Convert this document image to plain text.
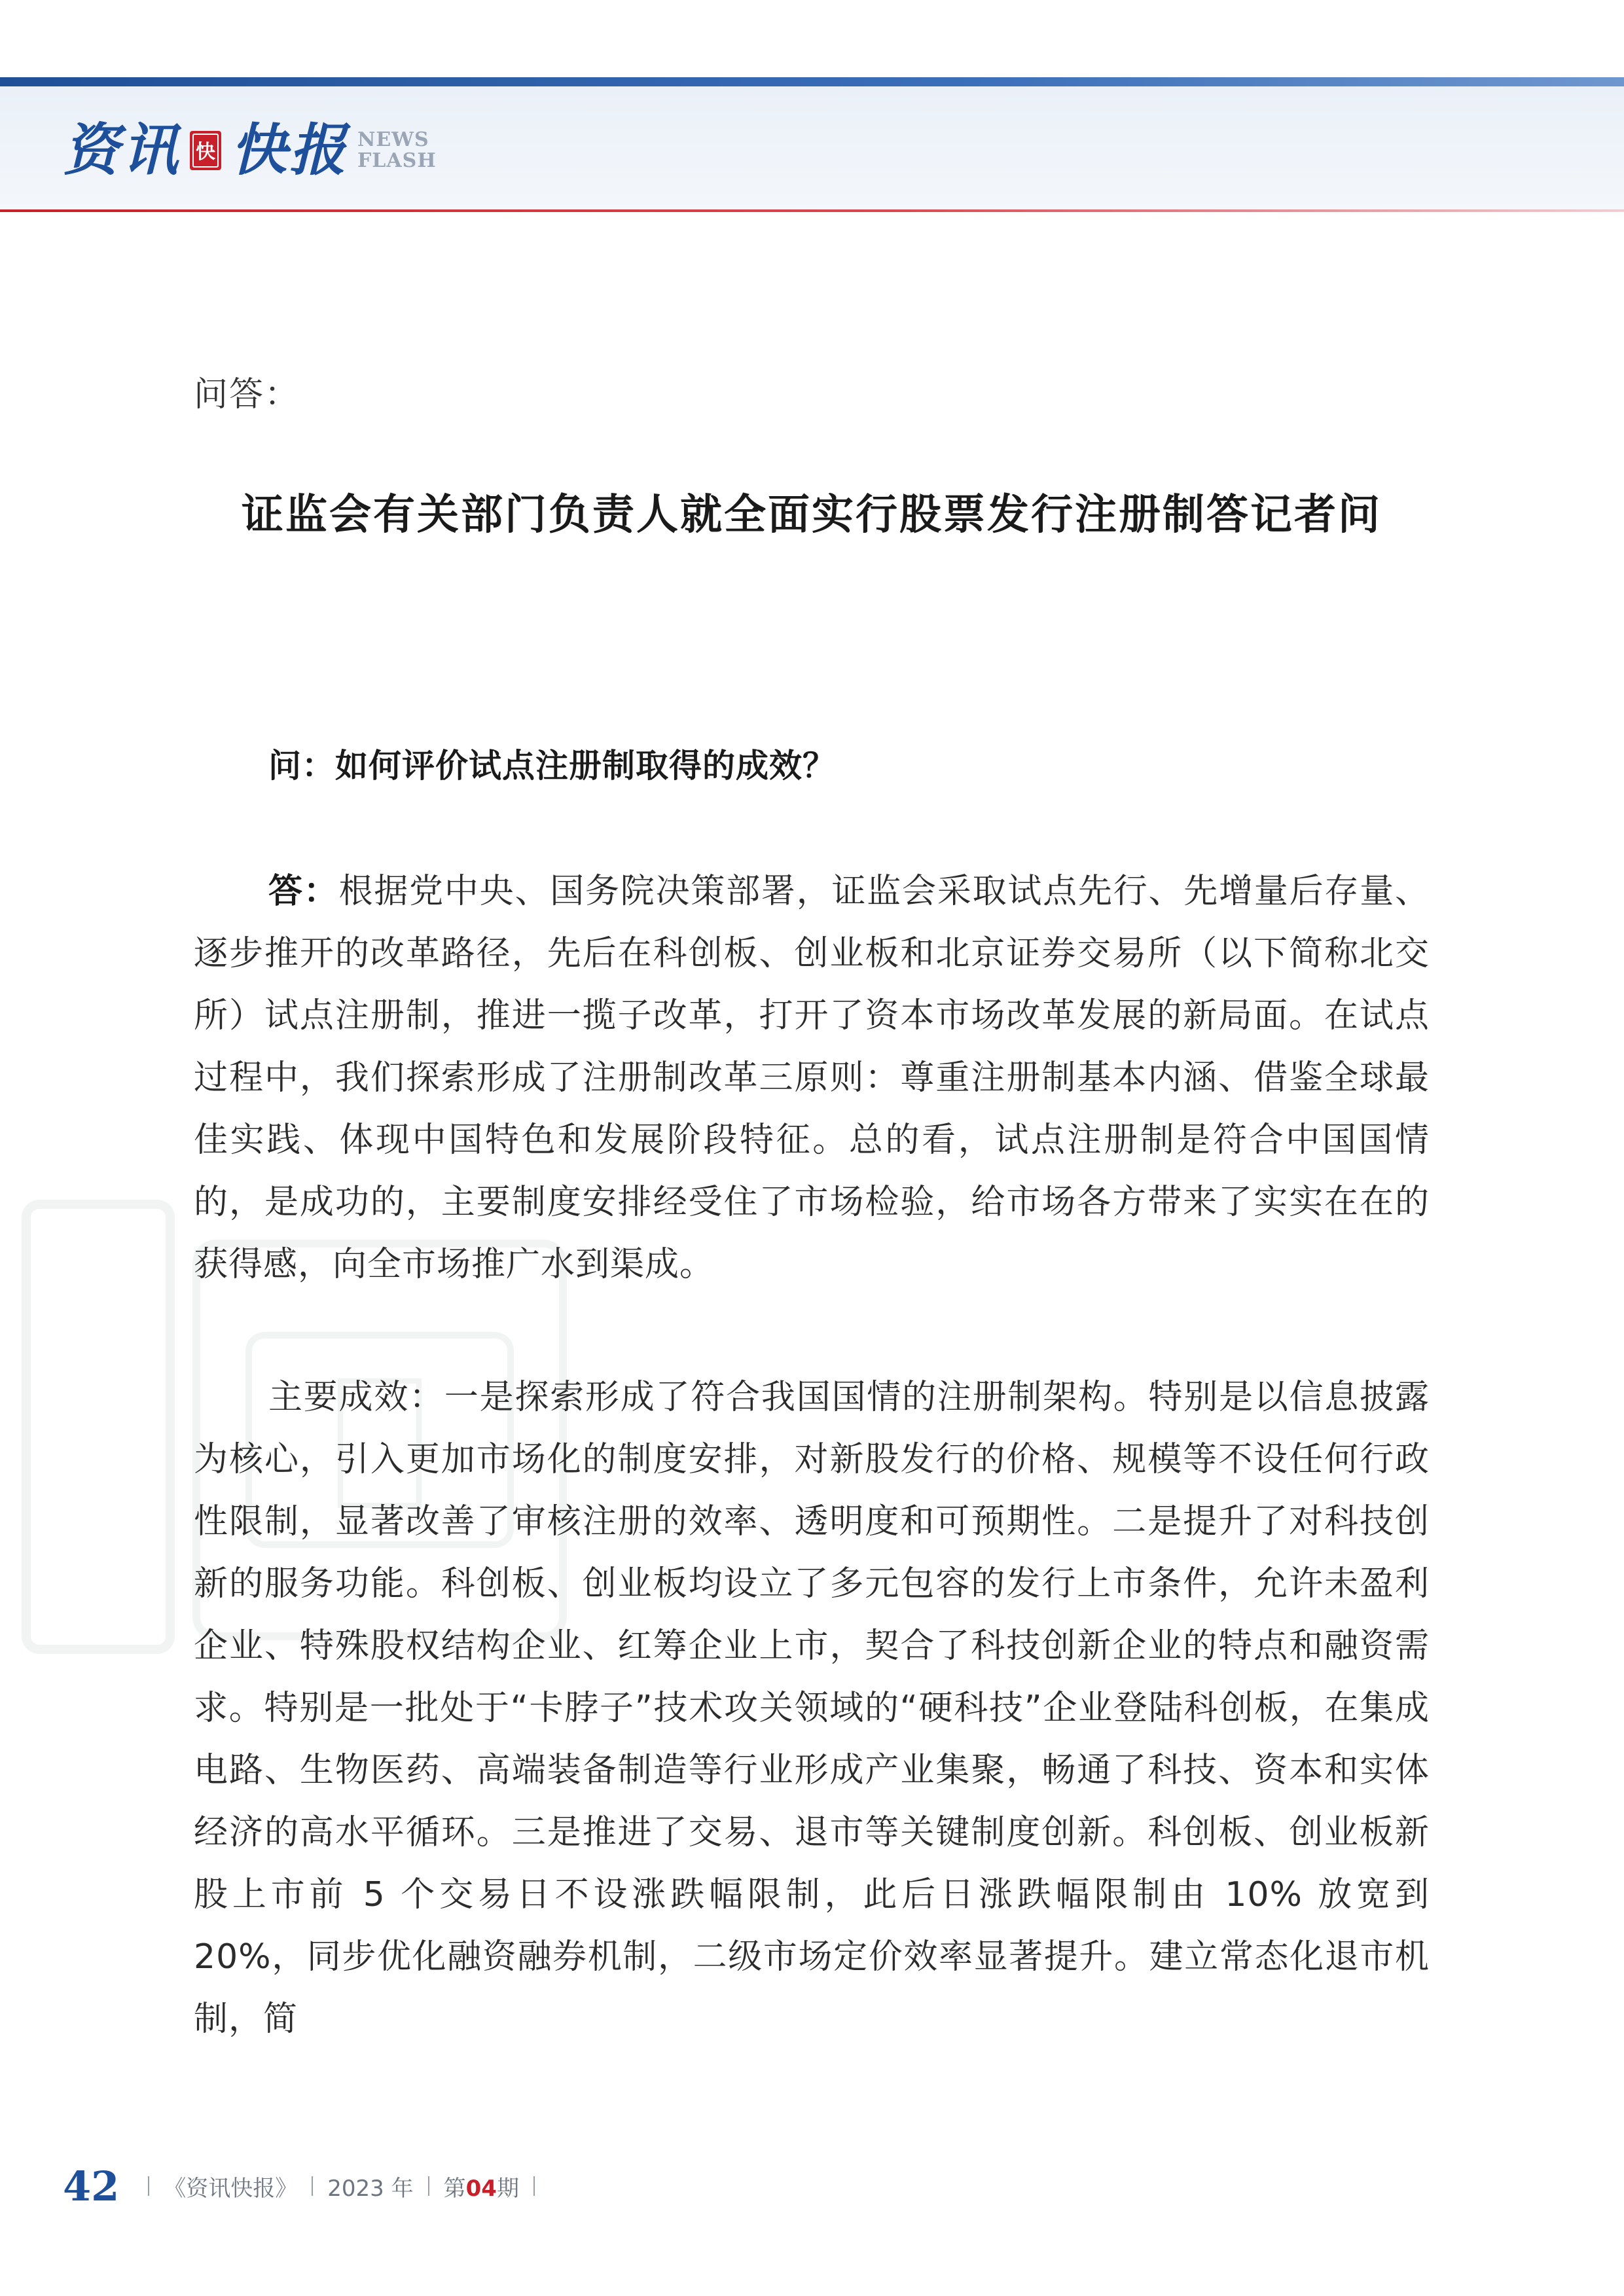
资讯 快 快报 NEWS
FLASH
问答：
证监会有关部门负责人就全面实行股票发行注册制答记者问
问：如何评价试点注册制取得的成效？

答：根据党中央、国务院决策部署，证监会采取试点先行、先增量后存量、逐步推开的改革路径，先后在科创板、创业板和北京证券交易所（以下简称北交所）试点注册制，推进一揽子改革，打开了资本市场改革发展的新局面。在试点过程中，我们探索形成了注册制改革三原则：尊重注册制基本内涵、借鉴全球最佳实践、体现中国特色和发展阶段特征。总的看，试点注册制是符合中国国情的，是成功的，主要制度安排经受住了市场检验，给市场各方带来了实实在在的获得感，向全市场推广水到渠成。

主要成效：一是探索形成了符合我国国情的注册制架构。特别是以信息披露为核心，引入更加市场化的制度安排，对新股发行的价格、规模等不设任何行政性限制，显著改善了审核注册的效率、透明度和可预期性。二是提升了对科技创新的服务功能。科创板、创业板均设立了多元包容的发行上市条件，允许未盈利企业、特殊股权结构企业、红筹企业上市，契合了科技创新企业的特点和融资需求。特别是一批处于“卡脖子”技术攻关领域的“硬科技”企业登陆科创板，在集成电路、生物医药、高端装备制造等行业形成产业集聚，畅通了科技、资本和实体经济的高水平循环。三是推进了交易、退市等关键制度创新。科创板、创业板新股上市前 5 个交易日不设涨跌幅限制，此后日涨跌幅限制由 10% 放宽到 20%，同步优化融资融券机制，二级市场定价效率显著提升。建立常态化退市机制，简

42 《资讯快报》 2023 年 第04期
